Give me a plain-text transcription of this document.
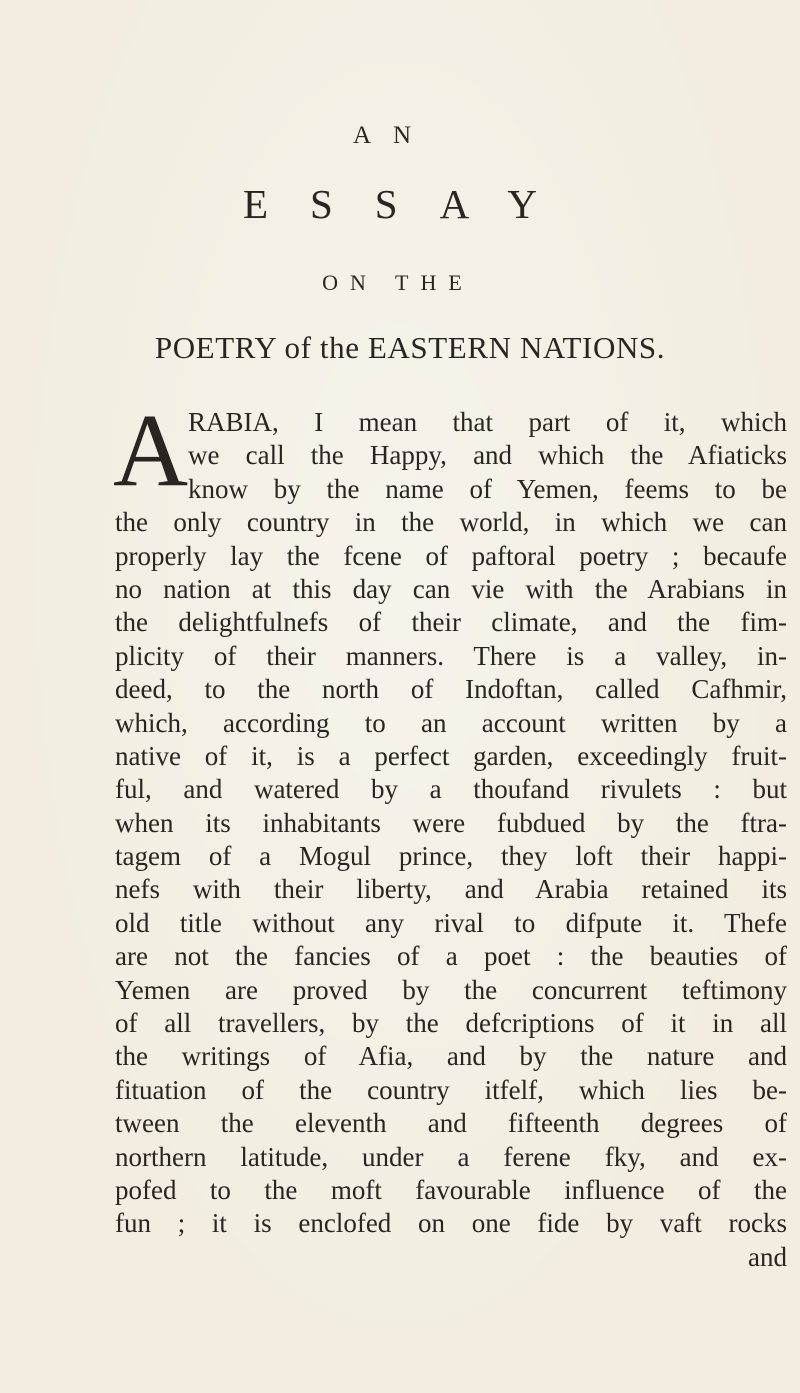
AN
ESSAY
ON THE
POETRY of the EASTERN NATIONS.
A RABIA, I mean that part of it, which
we call the Happy, and which the Afiaticks
know by the name of Yemen, feems to be
the only country in the world, in which we can
properly lay the fcene of paftoral poetry ; becaufe
no nation at this day can vie with the Arabians in
the delightfulnefs of their climate, and the fim-
plicity of their manners. There is a valley, in-
deed, to the north of Indoftan, called Cafhmir,
which, according to an account written by a
native of it, is a perfect garden, exceedingly fruit-
ful, and watered by a thoufand rivulets : but
when its inhabitants were fubdued by the ftra-
tagem of a Mogul prince, they loft their happi-
nefs with their liberty, and Arabia retained its
old title without any rival to difpute it. Thefe
are not the fancies of a poet : the beauties of
Yemen are proved by the concurrent teftimony
of all travellers, by the defcriptions of it in all
the writings of Afia, and by the nature and
fituation of the country itfelf, which lies be-
tween the eleventh and fifteenth degrees of
northern latitude, under a ferene fky, and ex-
pofed to the moft favourable influence of the
fun ; it is enclofed on one fide by vaft rocks
and
